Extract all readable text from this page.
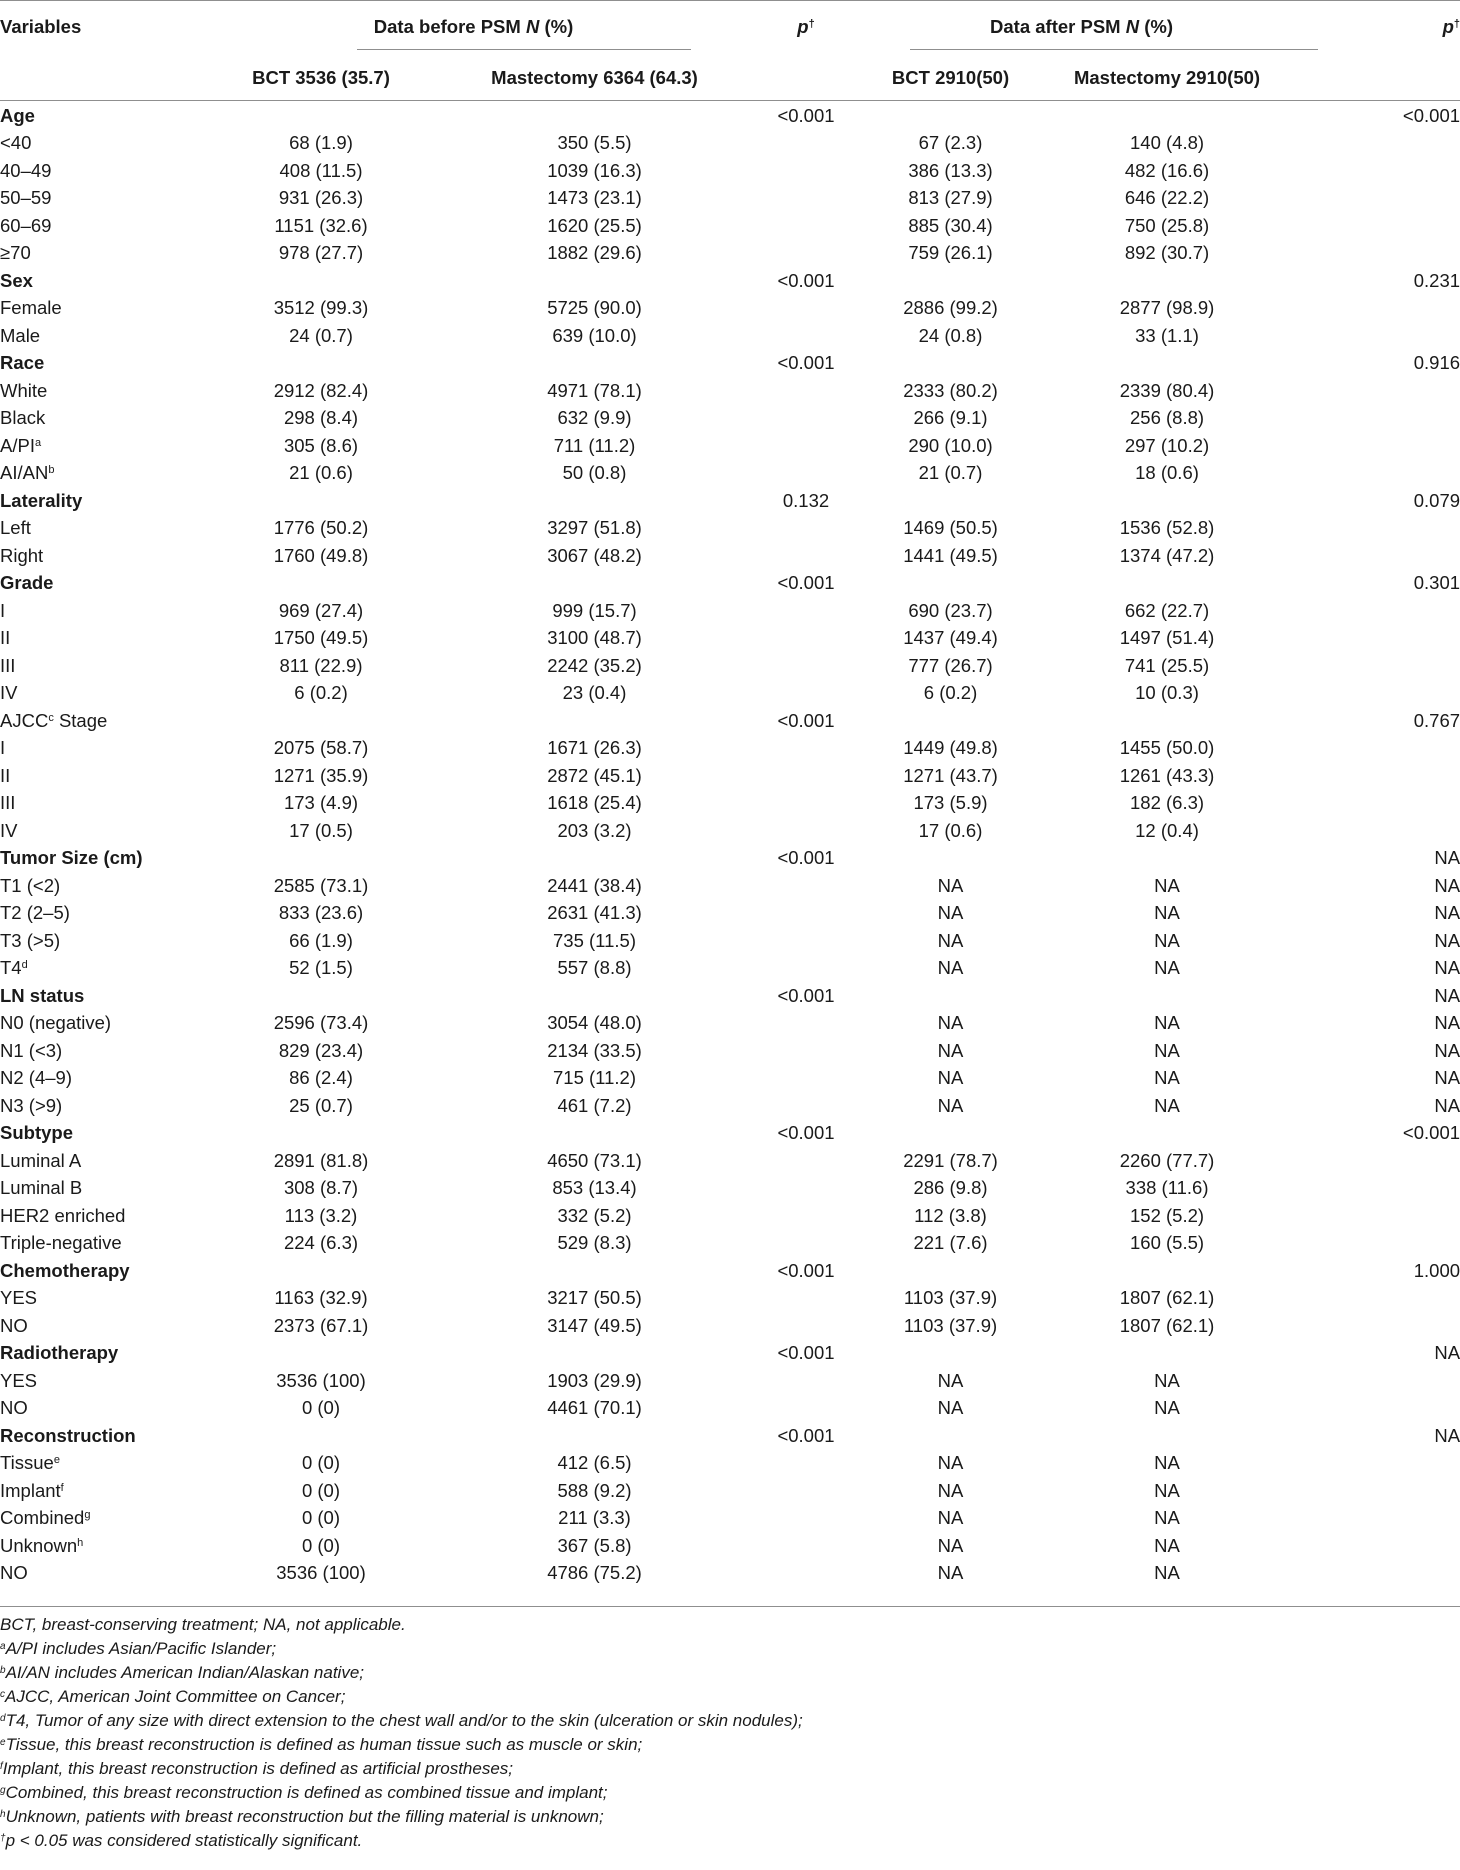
Variables	Data before PSM N (%)		p†	Data after PSM N (%)		p†
	BCT 3536 (35.7)	Mastectomy 6364 (64.3)		BCT 2910(50)	Mastectomy 2910(50)	
Age			<0.001			<0.001
<40	68 (1.9)	350 (5.5)		67 (2.3)	140 (4.8)	
40–49	408 (11.5)	1039 (16.3)		386 (13.3)	482 (16.6)	
50–59	931 (26.3)	1473 (23.1)		813 (27.9)	646 (22.2)	
60–69	1151 (32.6)	1620 (25.5)		885 (30.4)	750 (25.8)	
≥70	978 (27.7)	1882 (29.6)		759 (26.1)	892 (30.7)	
Sex			<0.001			0.231
Female	3512 (99.3)	5725 (90.0)		2886 (99.2)	2877 (98.9)	
Male	24 (0.7)	639 (10.0)		24 (0.8)	33 (1.1)	
Race			<0.001			0.916
White	2912 (82.4)	4971 (78.1)		2333 (80.2)	2339 (80.4)	
Black	298 (8.4)	632 (9.9)		266 (9.1)	256 (8.8)	
$A/PI^a$	305 (8.6)	711 (11.2)		290 (10.0)	297 (10.2)	
$AI/AN^b$	21 (0.6)	50 (0.8)		21 (0.7)	18 (0.6)	
Laterality			0.132			0.079
Left	1776 (50.2)	3297 (51.8)		1469 (50.5)	1536 (52.8)	
Right	1760 (49.8)	3067 (48.2)		1441 (49.5)	1374 (47.2)	
Grade			<0.001			0.301
I	969 (27.4)	999 (15.7)		690 (23.7)	662 (22.7)	
II	1750 (49.5)	3100 (48.7)		1437 (49.4)	1497 (51.4)	
III	811 (22.9)	2242 (35.2)		777 (26.7)	741 (25.5)	
IV	6 (0.2)	23 (0.4)		6 (0.2)	10 (0.3)	
AJCC$^c$ Stage			<0.001			0.767
I	2075 (58.7)	1671 (26.3)		1449 (49.8)	1455 (50.0)	
II	1271 (35.9)	2872 (45.1)		1271 (43.7)	1261 (43.3)	
III	173 (4.9)	1618 (25.4)		173 (5.9)	182 (6.3)	
IV	17 (0.5)	203 (3.2)		17 (0.6)	12 (0.4)	
Tumor Size (cm)			<0.001			NA
T1 (<2)	2585 (73.1)	2441 (38.4)		NA	NA	NA
T2 (2–5)	833 (23.6)	2631 (41.3)		NA	NA	NA
T3 (>5)	66 (1.9)	735 (11.5)		NA	NA	NA
T4$^d$	52 (1.5)	557 (8.8)		NA	NA	NA
LN status			<0.001			NA
N0 (negative)	2596 (73.4)	3054 (48.0)		NA	NA	NA
N1 (<3)	829 (23.4)	2134 (33.5)		NA	NA	NA
N2 (4–9)	86 (2.4)	715 (11.2)		NA	NA	NA
N3 (>9)	25 (0.7)	461 (7.2)		NA	NA	NA
Subtype			<0.001			<0.001
Luminal A	2891 (81.8)	4650 (73.1)		2291 (78.7)	2260 (77.7)	
Luminal B	308 (8.7)	853 (13.4)		286 (9.8)	338 (11.6)	
HER2 enriched	113 (3.2)	332 (5.2)		112 (3.8)	152 (5.2)	
Triple-negative	224 (6.3)	529 (8.3)		221 (7.6)	160 (5.5)	
Chemotherapy			<0.001			1.000
YES	1163 (32.9)	3217 (50.5)		1103 (37.9)	1807 (62.1)	
NO	2373 (67.1)	3147 (49.5)		1103 (37.9)	1807 (62.1)	
Radiotherapy			<0.001			NA
YES	3536 (100)	1903 (29.9)		NA	NA	
NO	0 (0)	4461 (70.1)		NA	NA	
Reconstruction			<0.001			NA
Tissue$^e$	0 (0)	412 (6.5)		NA	NA	
Implant$^f$	0 (0)	588 (9.2)		NA	NA	
Combined$^g$	0 (0)	211 (3.3)		NA	NA	
Unknown$^h$	0 (0)	367 (5.8)		NA	NA	
NO	3536 (100)	4786 (75.2)		NA	NA	
BCT, breast-conserving treatment; NA, not applicable.
$^a$A/PI includes Asian/Pacific Islander;
$^b$AI/AN includes American Indian/Alaskan native;
$^c$AJCC, American Joint Committee on Cancer;
$^d$T4, Tumor of any size with direct extension to the chest wall and/or to the skin (ulceration or skin nodules);
$^e$Tissue, this breast reconstruction is defined as human tissue such as muscle or skin;
$^f$Implant, this breast reconstruction is defined as artificial prostheses;
$^g$Combined, this breast reconstruction is defined as combined tissue and implant;
$^h$Unknown, patients with breast reconstruction but the filling material is unknown;
†p < 0.05 was considered statistically significant.
